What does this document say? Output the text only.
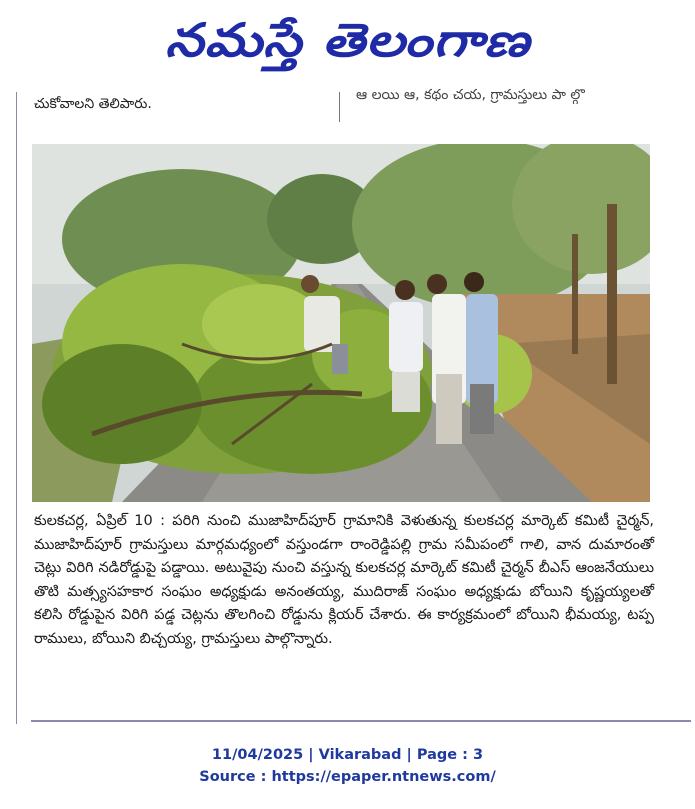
నమస్తే తెలంగాణ
చుకోవాలని తెలిపారు.
ఆ లయి ఆ, కథం చయ, గ్రామస్తులు పా ల్గొ
కులకచర్ల, ఏప్రిల్ 10 : పరిగి నుంచి ముజాహిద్‌పూర్ గ్రామానికి వెళుతున్న కులకచర్ల మార్కెట్ కమిటీ చైర్మన్, ముజాహిద్‌పూర్ గ్రామస్తులు మార్గమధ్యంలో వస్తుండగా రాంరెడ్డిపల్లి గ్రామ సమీపంలో గాలి, వాన దుమారంతో చెట్లు విరిగి నడిరోడ్డుపై పడ్డాయి. అటువైపు నుంచి వస్తున్న కులకచర్ల మార్కెట్ కమిటీ చైర్మన్ బీఎస్ ఆంజనేయులు తొటి మత్స్యసహకార సంఘం అధ్యక్షుడు అనంతయ్య, ముదిరాజ్ సంఘం అధ్యక్షుడు బోయిని కృష్ణయ్యలతో కలిసి రోడ్డుపైన విరిగి పడ్డ చెట్లను తొలగించి రోడ్డును క్లియర్ చేశారు. ఈ కార్యక్రమంలో బోయిని భీమయ్య, టప్ప రాములు, బోయిని బిచ్చయ్య, గ్రామస్తులు పాల్గొన్నారు.
11/04/2025 | Vikarabad | Page : 3
Source : https://epaper.ntnews.com/
